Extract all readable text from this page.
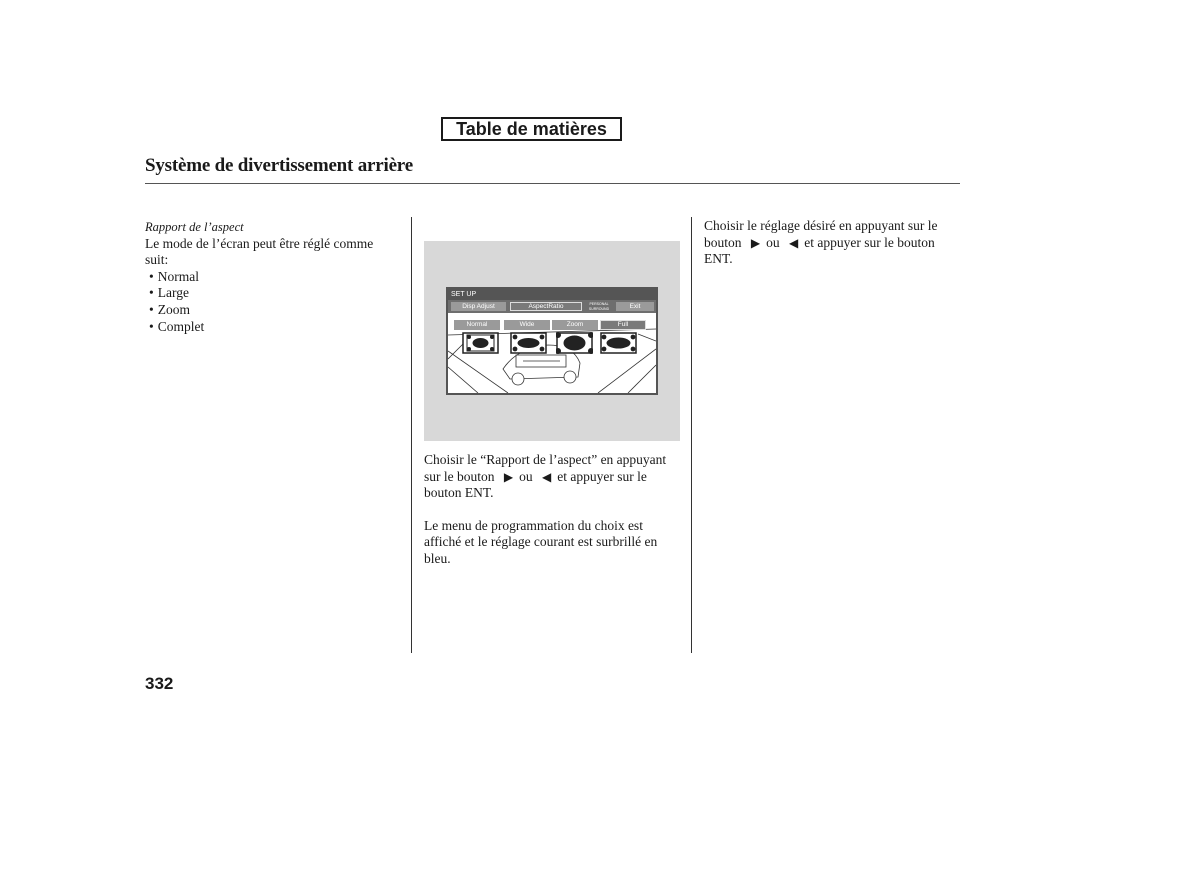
Table de matières
Système de divertissement arrière
Rapport de l’aspect

Le mode de l’écran peut être réglé comme suit:

• Normal
• Large
• Zoom
• Complet
SET UP
Disp Adjust	AspectRatio	PERSONAL
SURROUND	Exit
Normal	Wide	Zoom	Full

Choisir le “Rapport de l’aspect” en appuyant sur le bouton ▶ ou ◀ et appuyer sur le bouton ENT.

Le menu de programmation du choix est affiché et le réglage courant est surbrillé en bleu.

Choisir le réglage désiré en appuyant sur le bouton ▶ ou ◀ et appuyer sur le bouton ENT.

332
